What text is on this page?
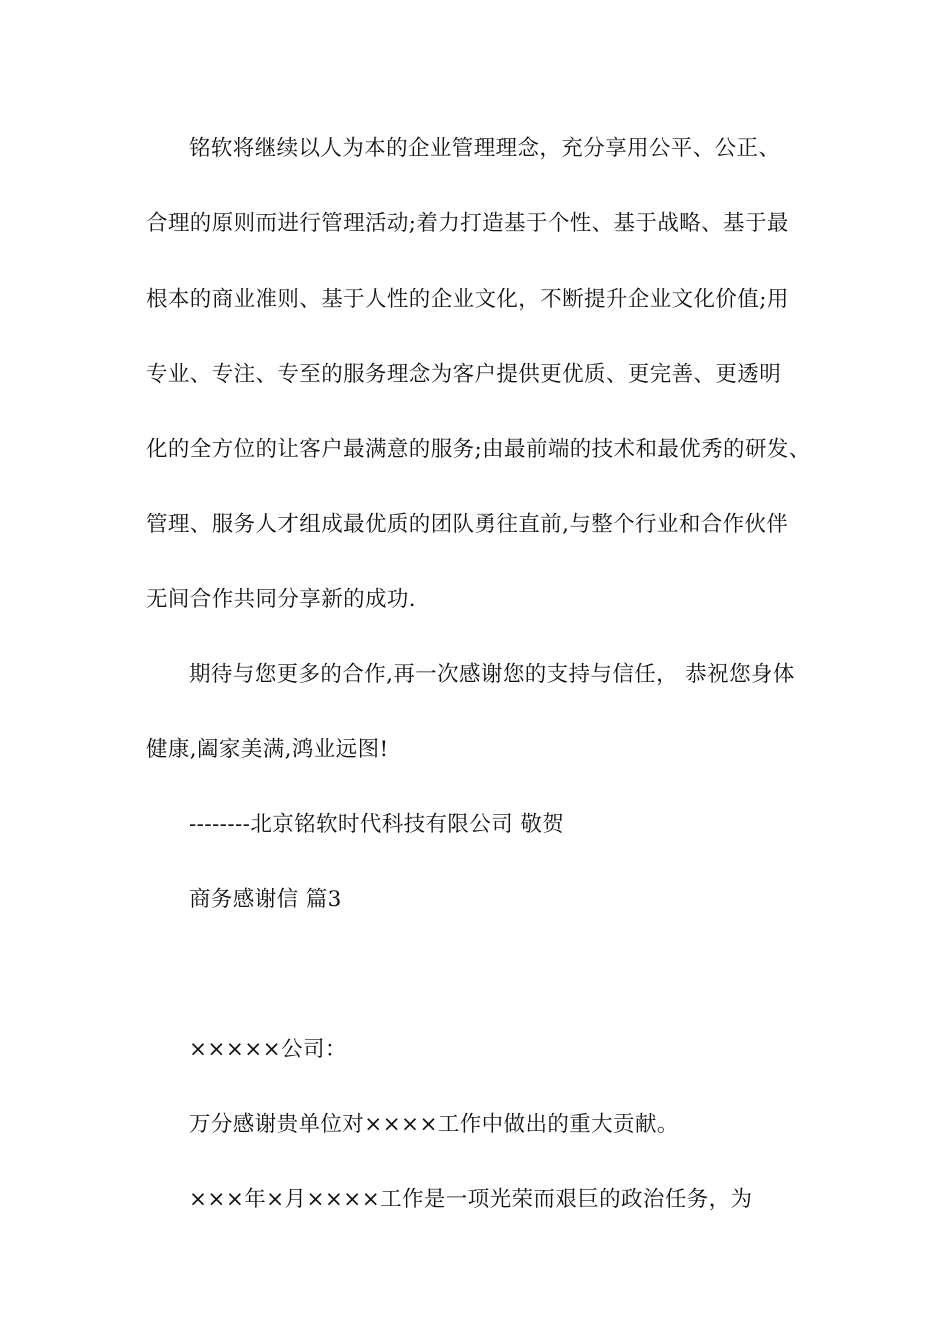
铭软将继续以人为本的企业管理理念，充分享用公平、公正、
合理的原则而进行管理活动;着力打造基于个性、基于战略、基于最
根本的商业准则、基于人性的企业文化，不断提升企业文化价值;用
专业、专注、专至的服务理念为客户提供更优质、更完善、更透明
化的全方位的让客户最满意的服务;由最前端的技术和最优秀的研发、
管理、服务人才组成最优质的团队勇往直前,与整个行业和合作伙伴
无间合作共同分享新的成功.
期待与您更多的合作,再一次感谢您的支持与信任， 恭祝您身体
健康,阖家美满,鸿业远图!
--------北京铭软时代科技有限公司 敬贺
商务感谢信 篇3
×××××公司：
万分感谢贵单位对××××工作中做出的重大贡献。
×××年×月××××工作是一项光荣而艰巨的政治任务，为
